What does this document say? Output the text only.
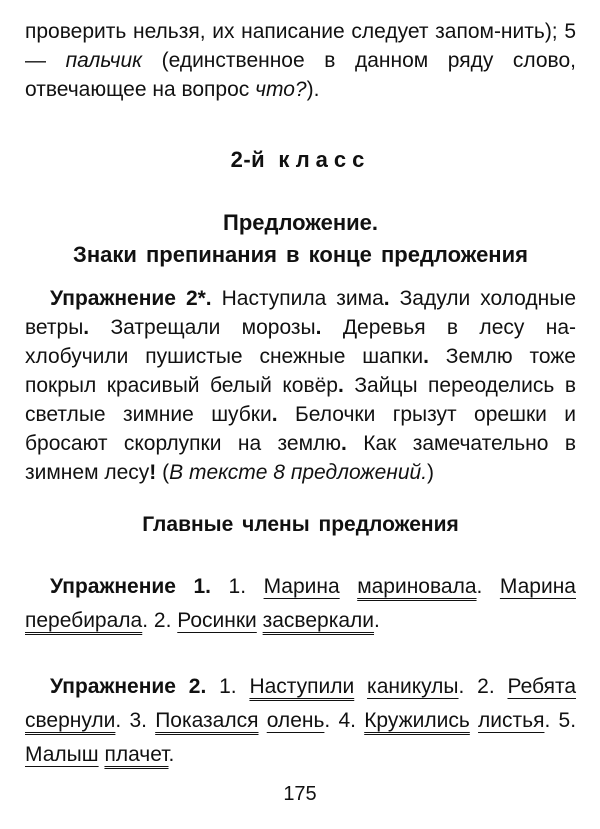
проверить нельзя, их написание следует запом-нить); 5 — пальчик (единственное в данном ряду слово, отвечающее на вопрос что?).

2-й класс
Предложение.
Знаки препинания в конце предложения

Упражнение 2*. Наступила зима. Задули холодные ветры. Затрещали морозы. Деревья в лесу нахлобучили пушистые снежные шапки. Землю тоже покрыл красивый белый ковёр. Зайцы переоделись в светлые зимние шубки. Белочки грызут орешки и бросают скорлупки на землю. Как замечательно в зимнем лесу! (В тексте 8 предложений.)

Главные члены предложения

Упражнение 1. 1. Марина мариновала. Марина перебирала. 2. Росинки засверкали.

Упражнение 2. 1. Наступили каникулы. 2. Ребята свернули. 3. Показался олень. 4. Кружились листья. 5. Малыш плачет.

175
